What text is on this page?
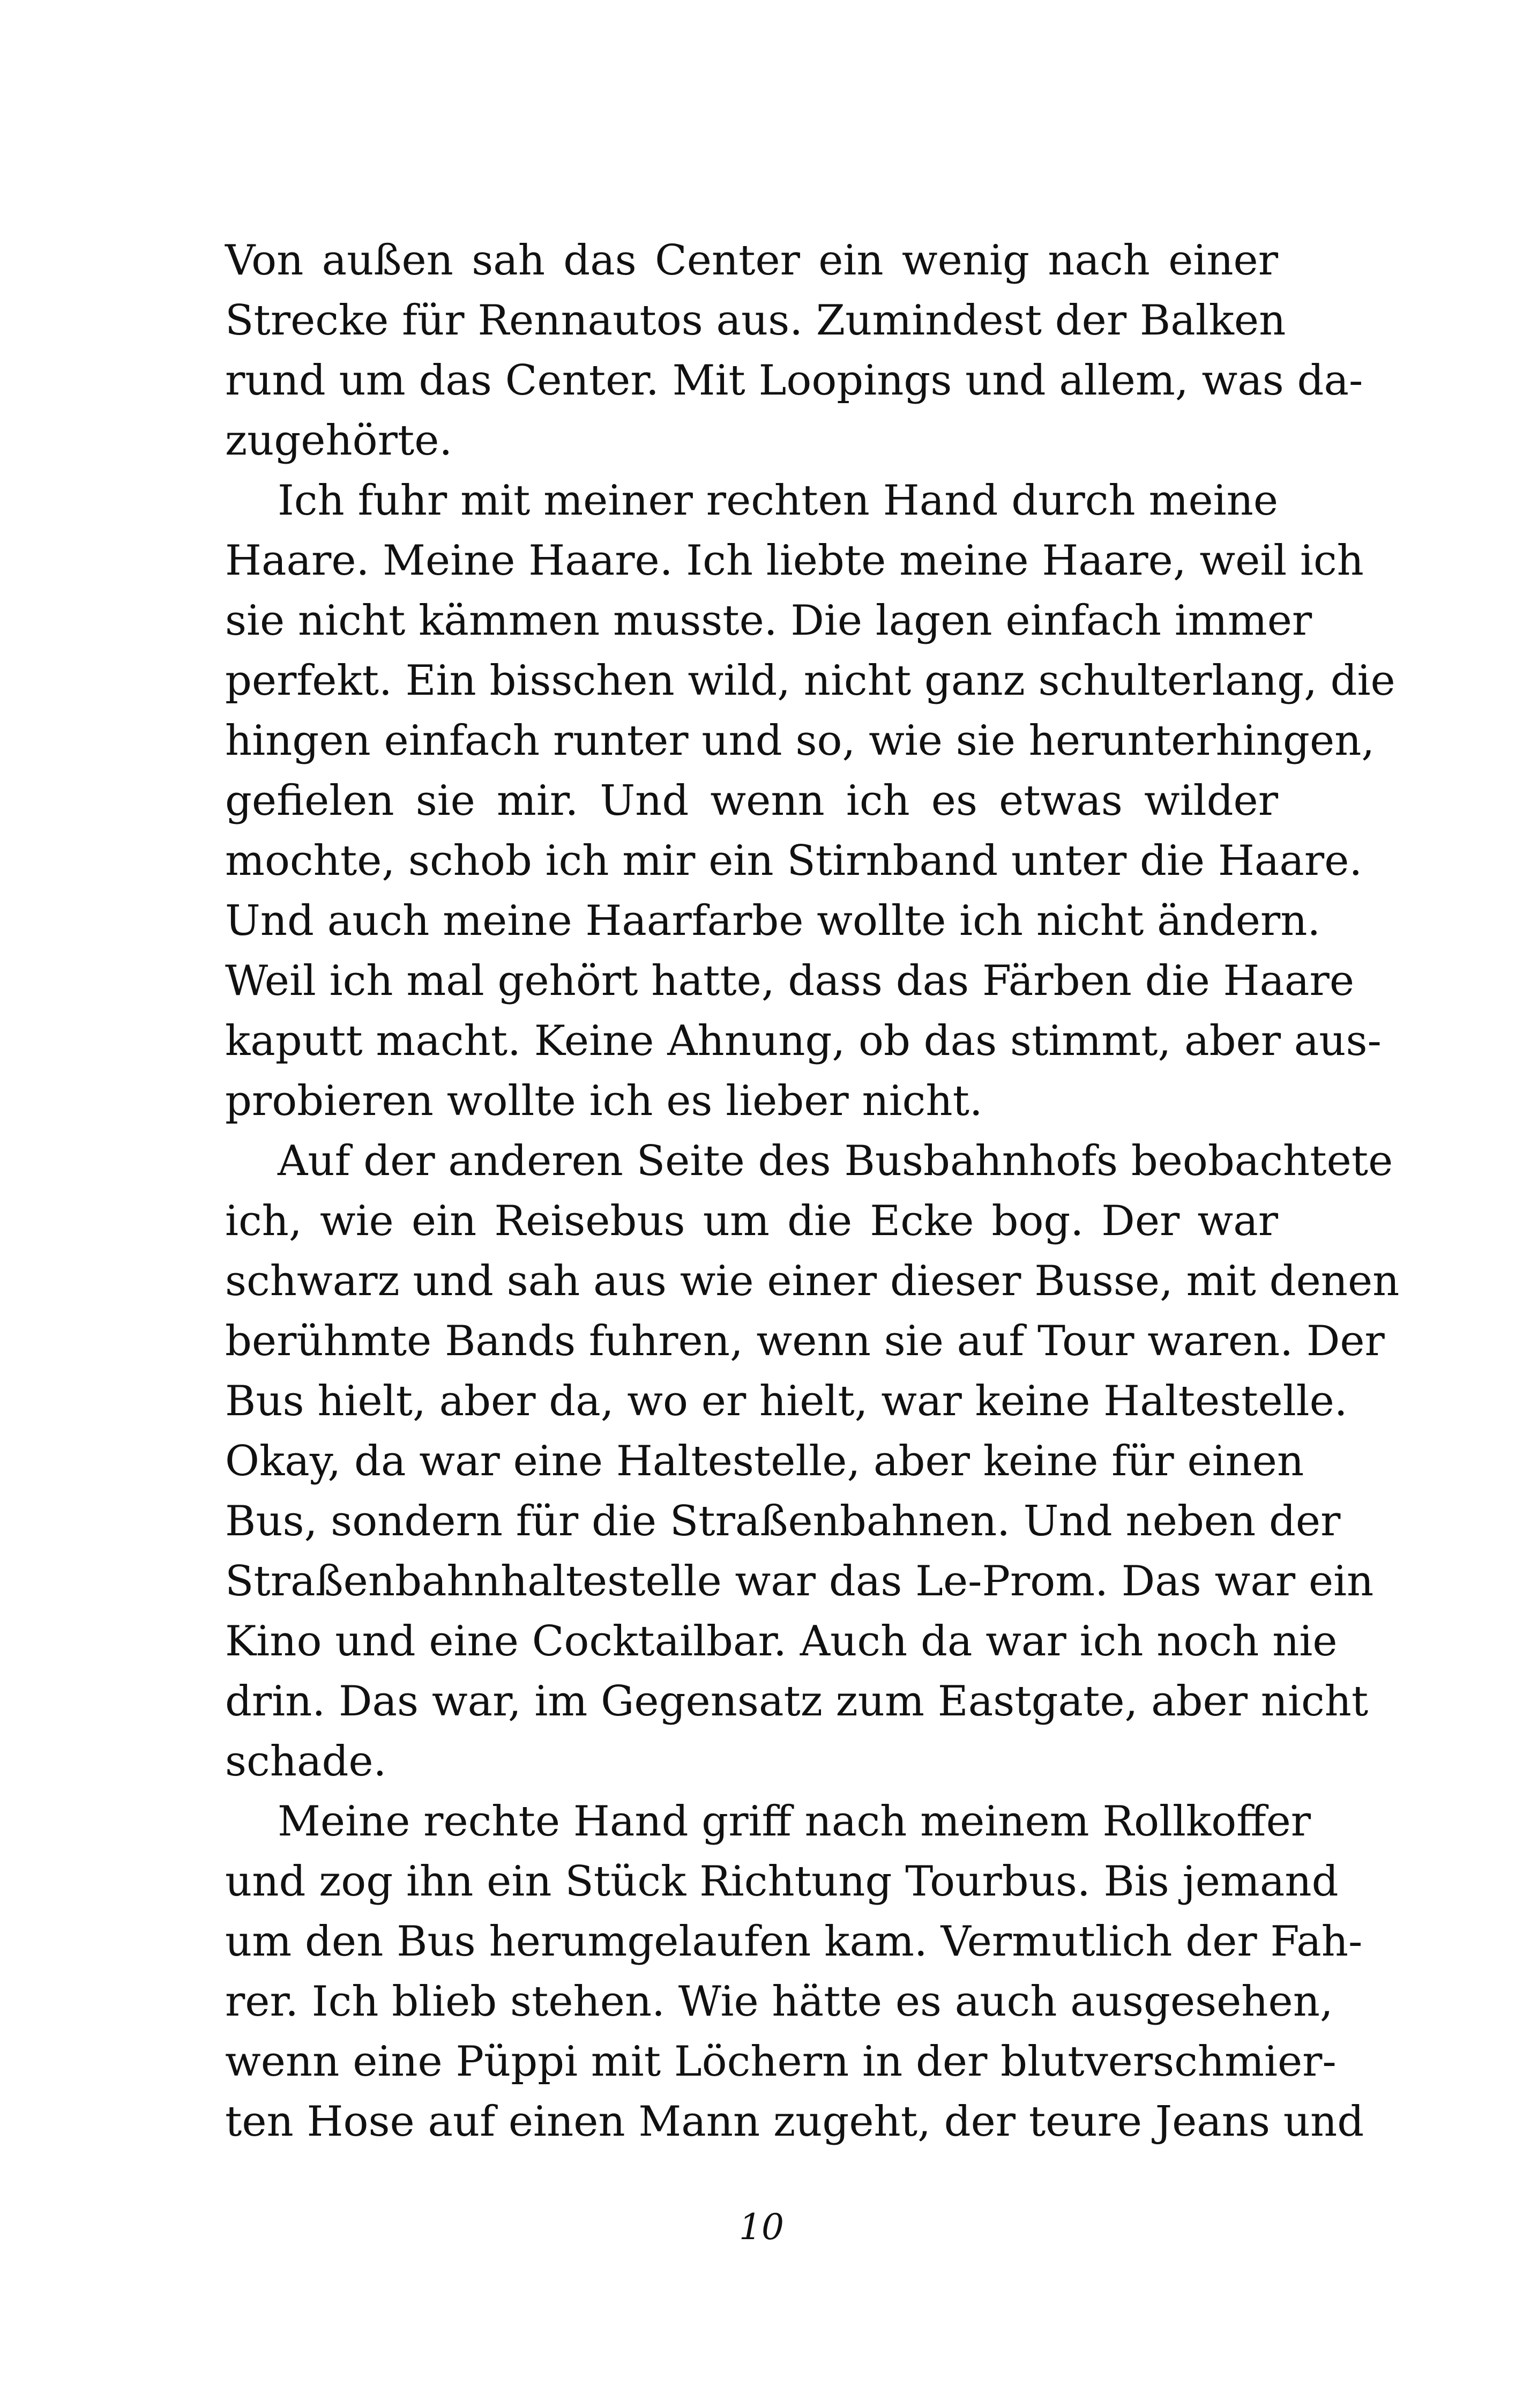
Von außen sah das Center ein wenig nach einer
Strecke für Rennautos aus. Zumindest der Balken
rund um das Center. Mit Loopings und allem, was da-
zugehörte.
Ich fuhr mit meiner rechten Hand durch meine
Haare. Meine Haare. Ich liebte meine Haare, weil ich
sie nicht kämmen musste. Die lagen einfach immer
perfekt. Ein bisschen wild, nicht ganz schulterlang, die
hingen einfach runter und so, wie sie herunterhingen,
gefielen sie mir. Und wenn ich es etwas wilder
mochte, schob ich mir ein Stirnband unter die Haare.
Und auch meine Haarfarbe wollte ich nicht ändern.
Weil ich mal gehört hatte, dass das Färben die Haare
kaputt macht. Keine Ahnung, ob das stimmt, aber aus-
probieren wollte ich es lieber nicht.
Auf der anderen Seite des Busbahnhofs beobachtete
ich, wie ein Reisebus um die Ecke bog. Der war
schwarz und sah aus wie einer dieser Busse, mit denen
berühmte Bands fuhren, wenn sie auf Tour waren. Der
Bus hielt, aber da, wo er hielt, war keine Haltestelle.
Okay, da war eine Haltestelle, aber keine für einen
Bus, sondern für die Straßenbahnen. Und neben der
Straßenbahnhaltestelle war das Le-Prom. Das war ein
Kino und eine Cocktailbar. Auch da war ich noch nie
drin. Das war, im Gegensatz zum Eastgate, aber nicht
schade.
Meine rechte Hand griff nach meinem Rollkoffer
und zog ihn ein Stück Richtung Tourbus. Bis jemand
um den Bus herumgelaufen kam. Vermutlich der Fah-
rer. Ich blieb stehen. Wie hätte es auch ausgesehen,
wenn eine Püppi mit Löchern in der blutverschmier-
ten Hose auf einen Mann zugeht, der teure Jeans und
10
